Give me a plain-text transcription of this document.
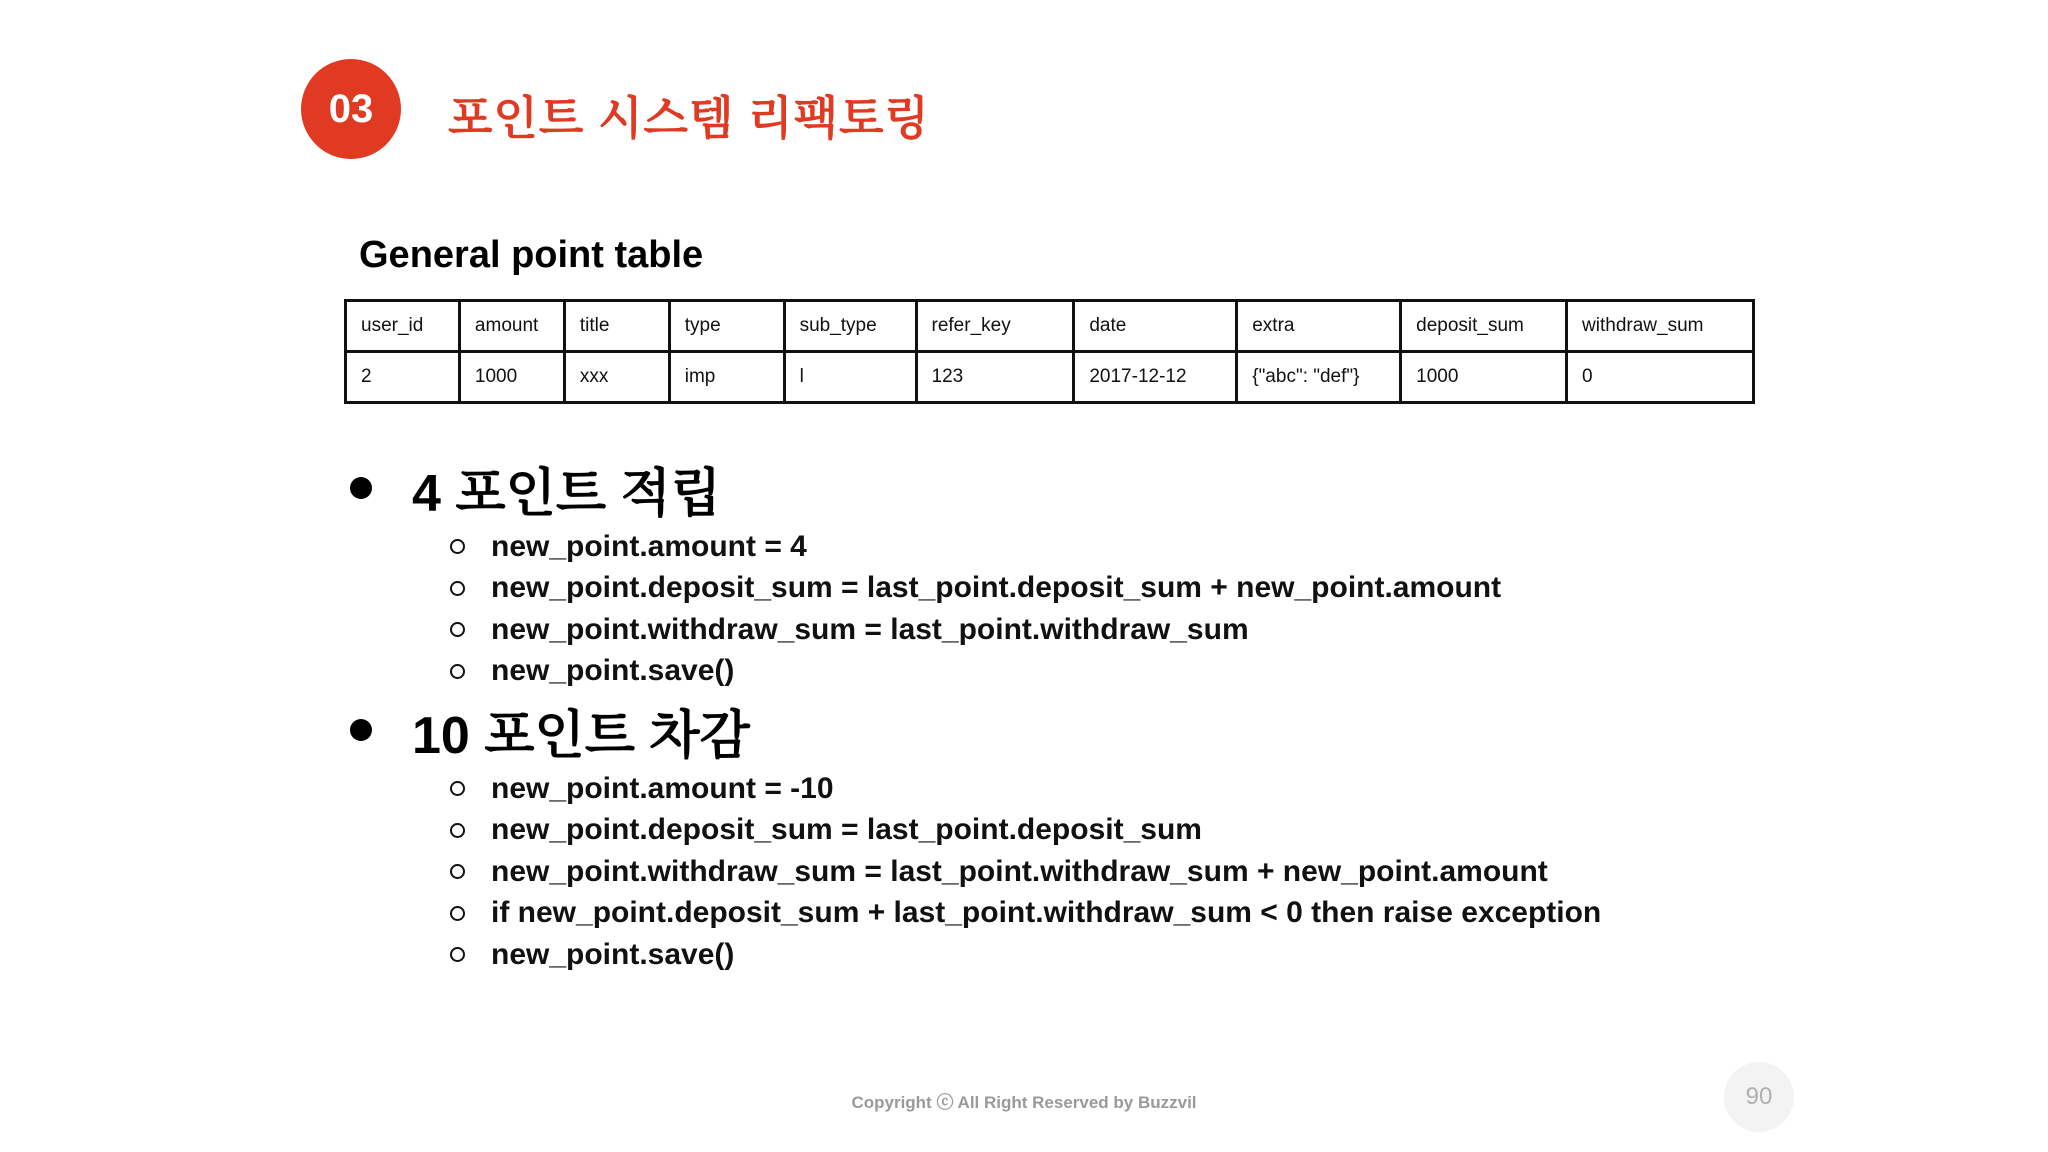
03 포인트 시스템 리팩토링
General point table
user_id	amount	title	type	sub_type	refer_key	date	extra	deposit_sum	withdraw_sum
2	1000	xxx	imp	l	123	2017-12-12	{"abc": "def"}	1000	0
4 포인트 적립
new_point.amount = 4
new_point.deposit_sum = last_point.deposit_sum + new_point.amount
new_point.withdraw_sum = last_point.withdraw_sum
new_point.save()
10 포인트 차감
new_point.amount = -10
new_point.deposit_sum = last_point.deposit_sum
new_point.withdraw_sum = last_point.withdraw_sum + new_point.amount
if new_point.deposit_sum + last_point.withdraw_sum < 0 then raise exception
new_point.save()
Copyright ⓒ All Right Reserved by Buzzvil	90
